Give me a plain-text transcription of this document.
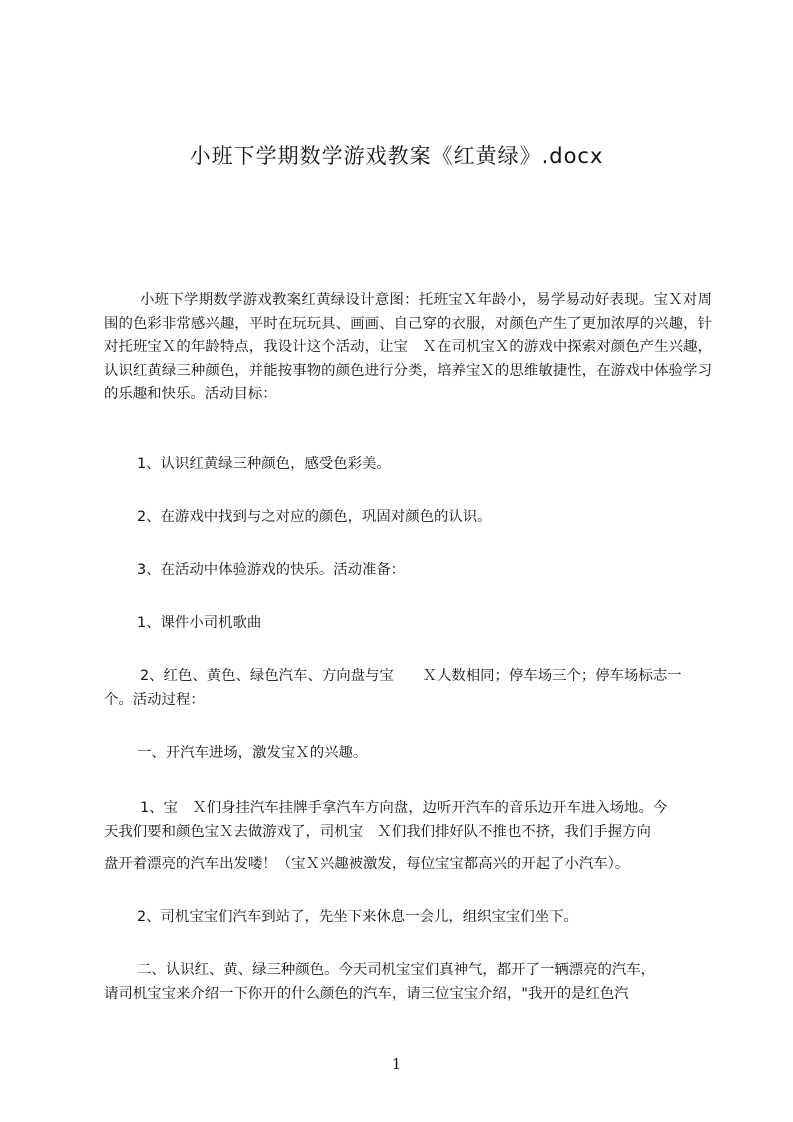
小班下学期数学游戏教案《红黄绿》.docx
小班下学期数学游戏教案红黄绿设计意图：托班宝Ｘ年龄小，易学易动好表现。宝Ｘ对周围的色彩非常感兴趣，平时在玩玩具、画画、自己穿的衣服，对颜色产生了更加浓厚的兴趣，针对托班宝Ｘ的年龄特点，我设计这个活动，让宝　Ｘ在司机宝Ｘ的游戏中探索对颜色产生兴趣，认识红黄绿三种颜色，并能按事物的颜色进行分类，培养宝Ｘ的思维敏捷性，在游戏中体验学习的乐趣和快乐。活动目标：
1、认识红黄绿三种颜色，感受色彩美。
2、在游戏中找到与之对应的颜色，巩固对颜色的认识。
3、在活动中体验游戏的快乐。活动准备：
1、课件小司机歌曲
2、红色、黄色、绿色汽车、方向盘与宝　　Ｘ人数相同；停车场三个；停车场标志一
个。活动过程：
一、开汽车进场，激发宝Ｘ的兴趣。
1、宝　Ｘ们身挂汽车挂牌手拿汽车方向盘，边听开汽车的音乐边开车进入场地。今
天我们要和颜色宝Ｘ去做游戏了，司机宝　Ｘ们我们排好队不推也不挤，我们手握方向
盘开着漂亮的汽车出发喽！（宝Ｘ兴趣被激发，每位宝宝都高兴的开起了小汽车）。
2、司机宝宝们汽车到站了，先坐下来休息一会儿，组织宝宝们坐下。
二、认识红、黄、绿三种颜色。今天司机宝宝们真神气，都开了一辆漂亮的汽车，
请司机宝宝来介绍一下你开的什么颜色的汽车，请三位宝宝介绍，"我开的是红色汽
1
